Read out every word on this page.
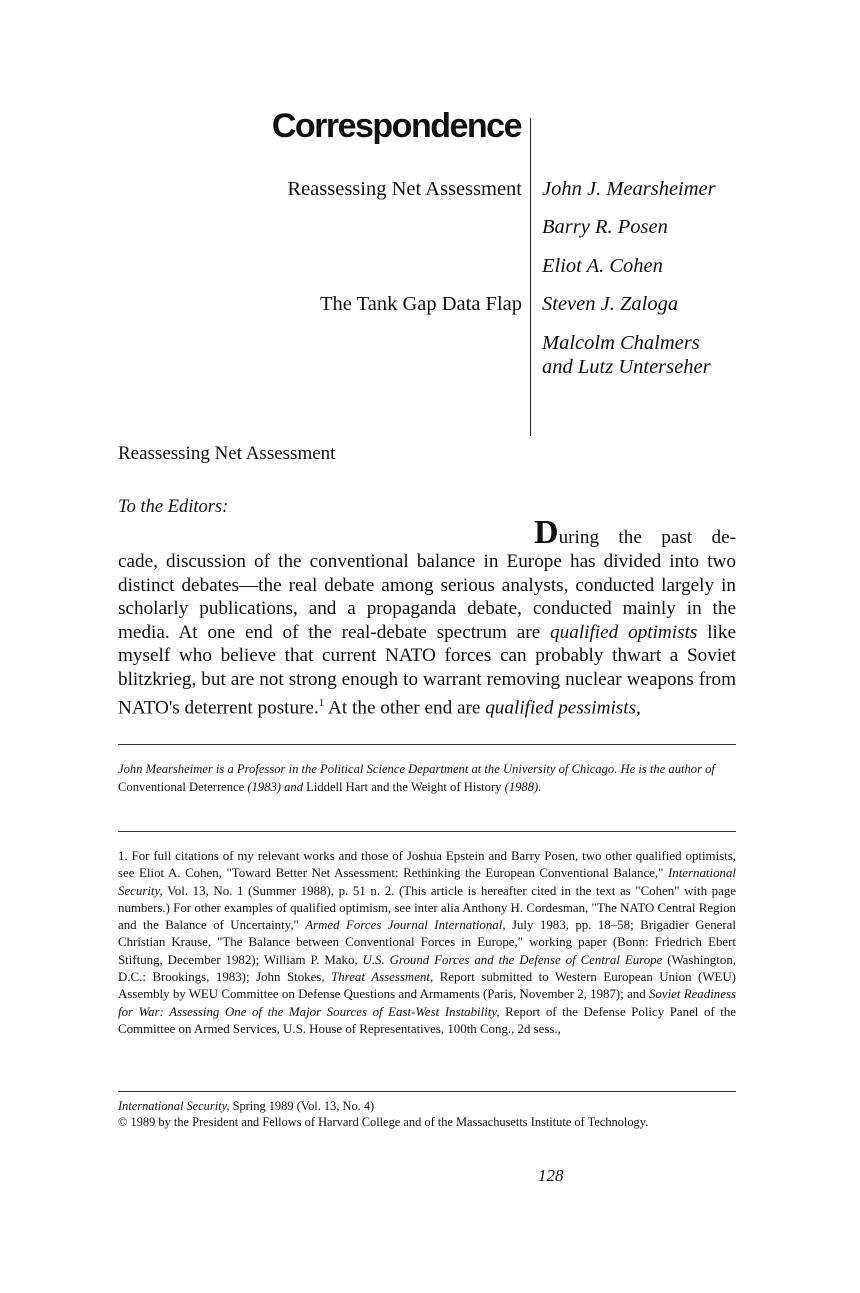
Correspondence
Reassessing Net Assessment
The Tank Gap Data Flap
John J. Mearsheimer
Barry R. Posen
Eliot A. Cohen
Steven J. Zaloga
Malcolm Chalmers
and Lutz Unterseher
Reassessing Net Assessment
To the Editors:
During the past de-
cade, discussion of the conventional balance in Europe has divided into two distinct debates—the real debate among serious analysts, conducted largely in scholarly publications, and a propaganda debate, conducted mainly in the media. At one end of the real-debate spectrum are qualified optimists like myself who believe that current NATO forces can probably thwart a Soviet blitzkrieg, but are not strong enough to warrant removing nuclear weapons from NATO's deterrent posture.$^1$ At the other end are qualified pessimists,
John Mearsheimer is a Professor in the Political Science Department at the University of Chicago. He is the author of Conventional Deterrence (1983) and Liddell Hart and the Weight of History (1988).
1. For full citations of my relevant works and those of Joshua Epstein and Barry Posen, two other qualified optimists, see Eliot A. Cohen, "Toward Better Net Assessment: Rethinking the European Conventional Balance," International Security, Vol. 13, No. 1 (Summer 1988), p. 51 n. 2. (This article is hereafter cited in the text as "Cohen" with page numbers.) For other examples of qualified optimism, see inter alia Anthony H. Cordesman, "The NATO Central Region and the Balance of Uncertainty," Armed Forces Journal International, July 1983, pp. 18–58; Brigadier General Christian Krause, "The Balance between Conventional Forces in Europe," working paper (Bonn: Friedrich Ebert Stiftung, December 1982); William P. Mako, U.S. Ground Forces and the Defense of Central Europe (Washington, D.C.: Brookings, 1983); John Stokes, Threat Assessment, Report submitted to Western European Union (WEU) Assembly by WEU Committee on Defense Questions and Armaments (Paris, November 2, 1987); and Soviet Readiness for War: Assessing One of the Major Sources of East-West Instability, Report of the Defense Policy Panel of the Committee on Armed Services, U.S. House of Representatives, 100th Cong., 2d sess.,
International Security, Spring 1989 (Vol. 13, No. 4)
© 1989 by the President and Fellows of Harvard College and of the Massachusetts Institute of Technology.
128
